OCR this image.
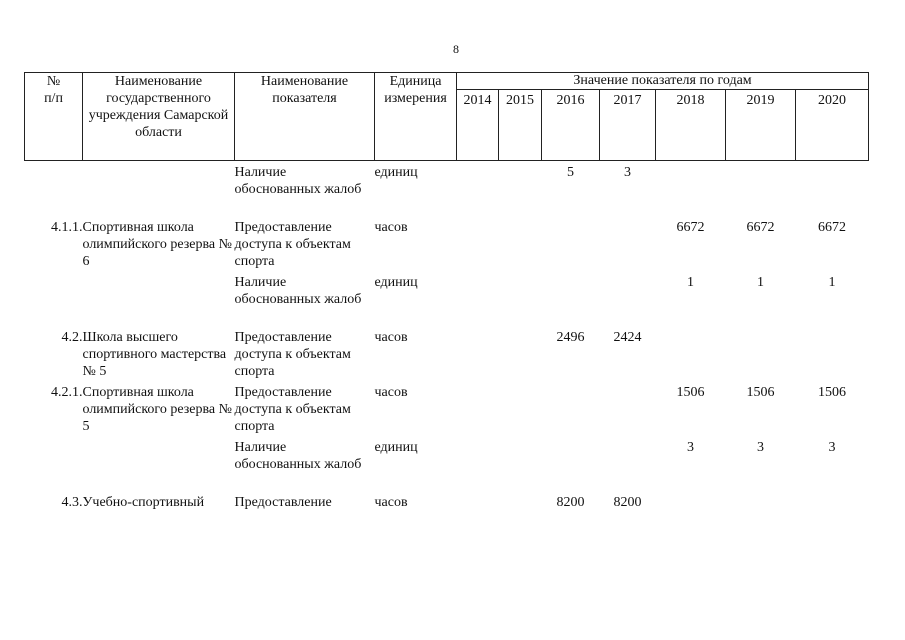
8
№
п/п	Наименование государственного учреждения Самарской области	Наименование показателя	Единица измерения	Значение показателя по годам						
				2014	2015	2016	2017	2018	2019	2020
		Наличие обоснованных жалоб	единиц			5	3			
4.1.1.	Спортивная школа олимпийского резерва № 6	Предоставление доступа к объектам спорта	часов					6672	6672	6672
		Наличие обоснованных жалоб	единиц					1	1	1
4.2.	Школа высшего спортивного мастерства № 5	Предоставление доступа к объектам спорта	часов			2496	2424			
4.2.1.	Спортивная школа олимпийского резерва № 5	Предоставление доступа к объектам спорта	часов					1506	1506	1506
		Наличие обоснованных жалоб	единиц					3	3	3
4.3.	Учебно-спортивный	Предоставление	часов			8200	8200			
